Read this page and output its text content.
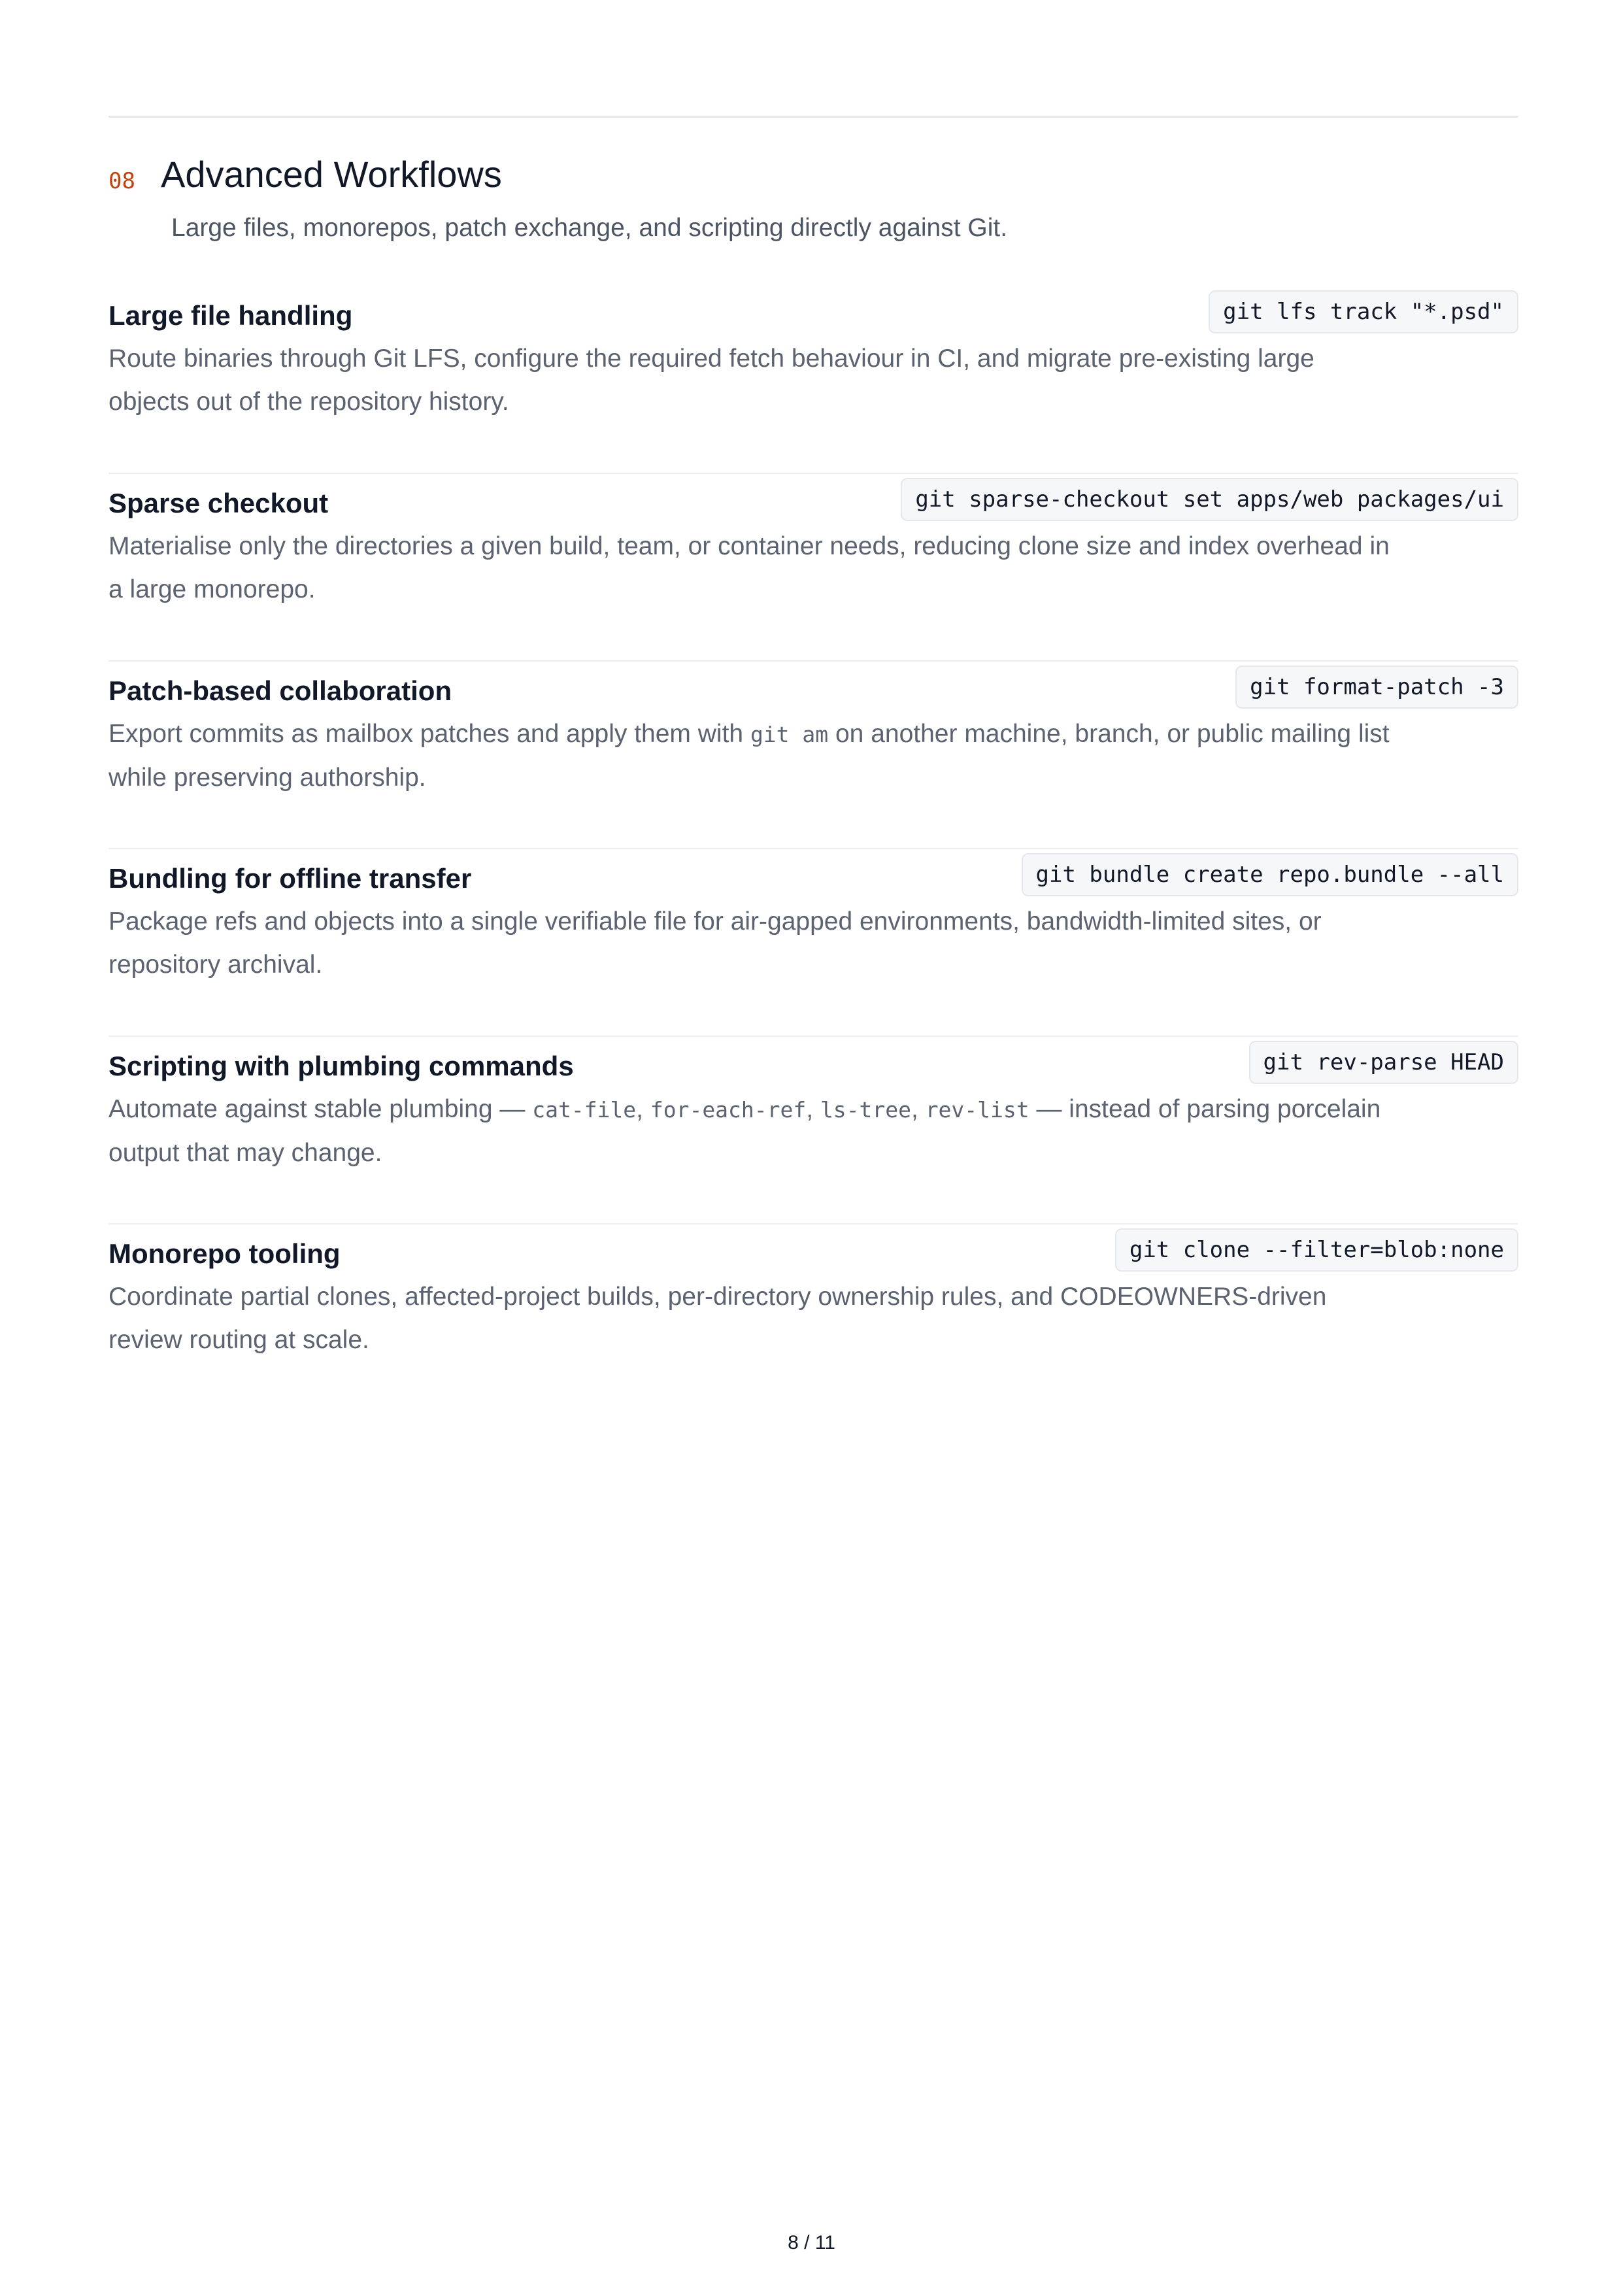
08 Advanced Workflows

Large files, monorepos, patch exchange, and scripting directly against Git.

Large file handling	git lfs track "*.psd"

Route binaries through Git LFS, configure the required fetch behaviour in CI, and migrate pre-existing large objects out of the repository history.

Sparse checkout	git sparse-checkout set apps/web packages/ui

Materialise only the directories a given build, team, or container needs, reducing clone size and index overhead in a large monorepo.

Patch-based collaboration	git format-patch -3

Export commits as mailbox patches and apply them with git am on another machine, branch, or public mailing list while preserving authorship.

Bundling for offline transfer	git bundle create repo.bundle --all

Package refs and objects into a single verifiable file for air-gapped environments, bandwidth-limited sites, or repository archival.

Scripting with plumbing commands	git rev-parse HEAD

Automate against stable plumbing — cat-file, for-each-ref, ls-tree, rev-list — instead of parsing porcelain output that may change.

Monorepo tooling	git clone --filter=blob:none

Coordinate partial clones, affected-project builds, per-directory ownership rules, and CODEOWNERS-driven review routing at scale.

8 / 11
